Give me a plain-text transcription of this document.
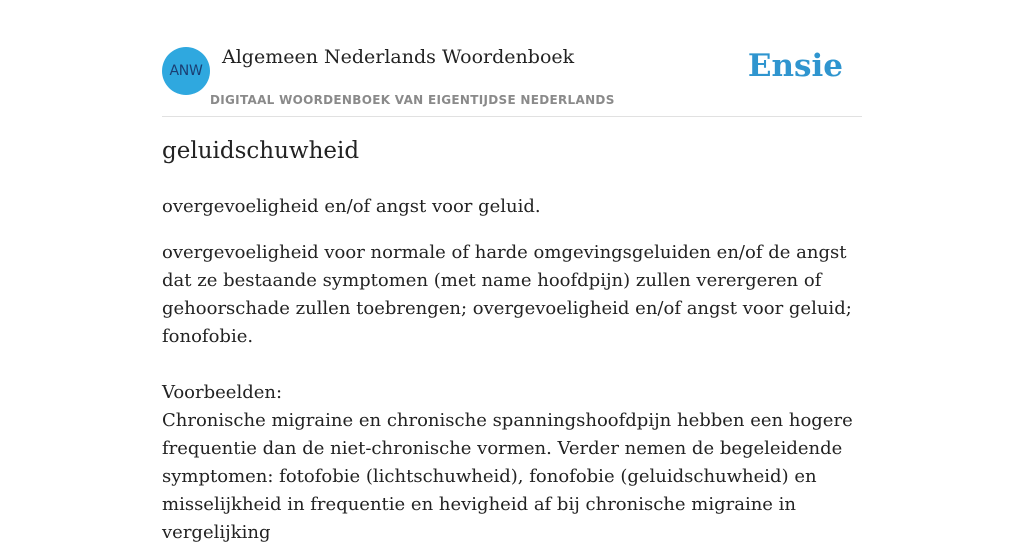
ANW
Algemeen Nederlands Woordenboek
DIGITAAL WOORDENBOEK VAN EIGENTIJDSE NEDERLANDS
Ensie
geluidschuwheid

overgevoeligheid en/of angst voor geluid.

overgevoeligheid voor normale of harde omgevingsgeluiden en/of de angst dat ze bestaande symptomen (met name hoofdpijn) zullen verergeren of gehoorschade zullen toebrengen; overgevoeligheid en/of angst voor geluid; fonofobie.

Voorbeelden:

Chronische migraine en chronische spanningshoofdpijn hebben een hogere frequentie dan de niet-chronische vormen. Verder nemen de begeleidende symptomen: fotofobie (lichtschuwheid), fonofobie (geluidschuwheid) en misselijkheid in frequentie en hevigheid af bij chronische migraine in vergelijking
